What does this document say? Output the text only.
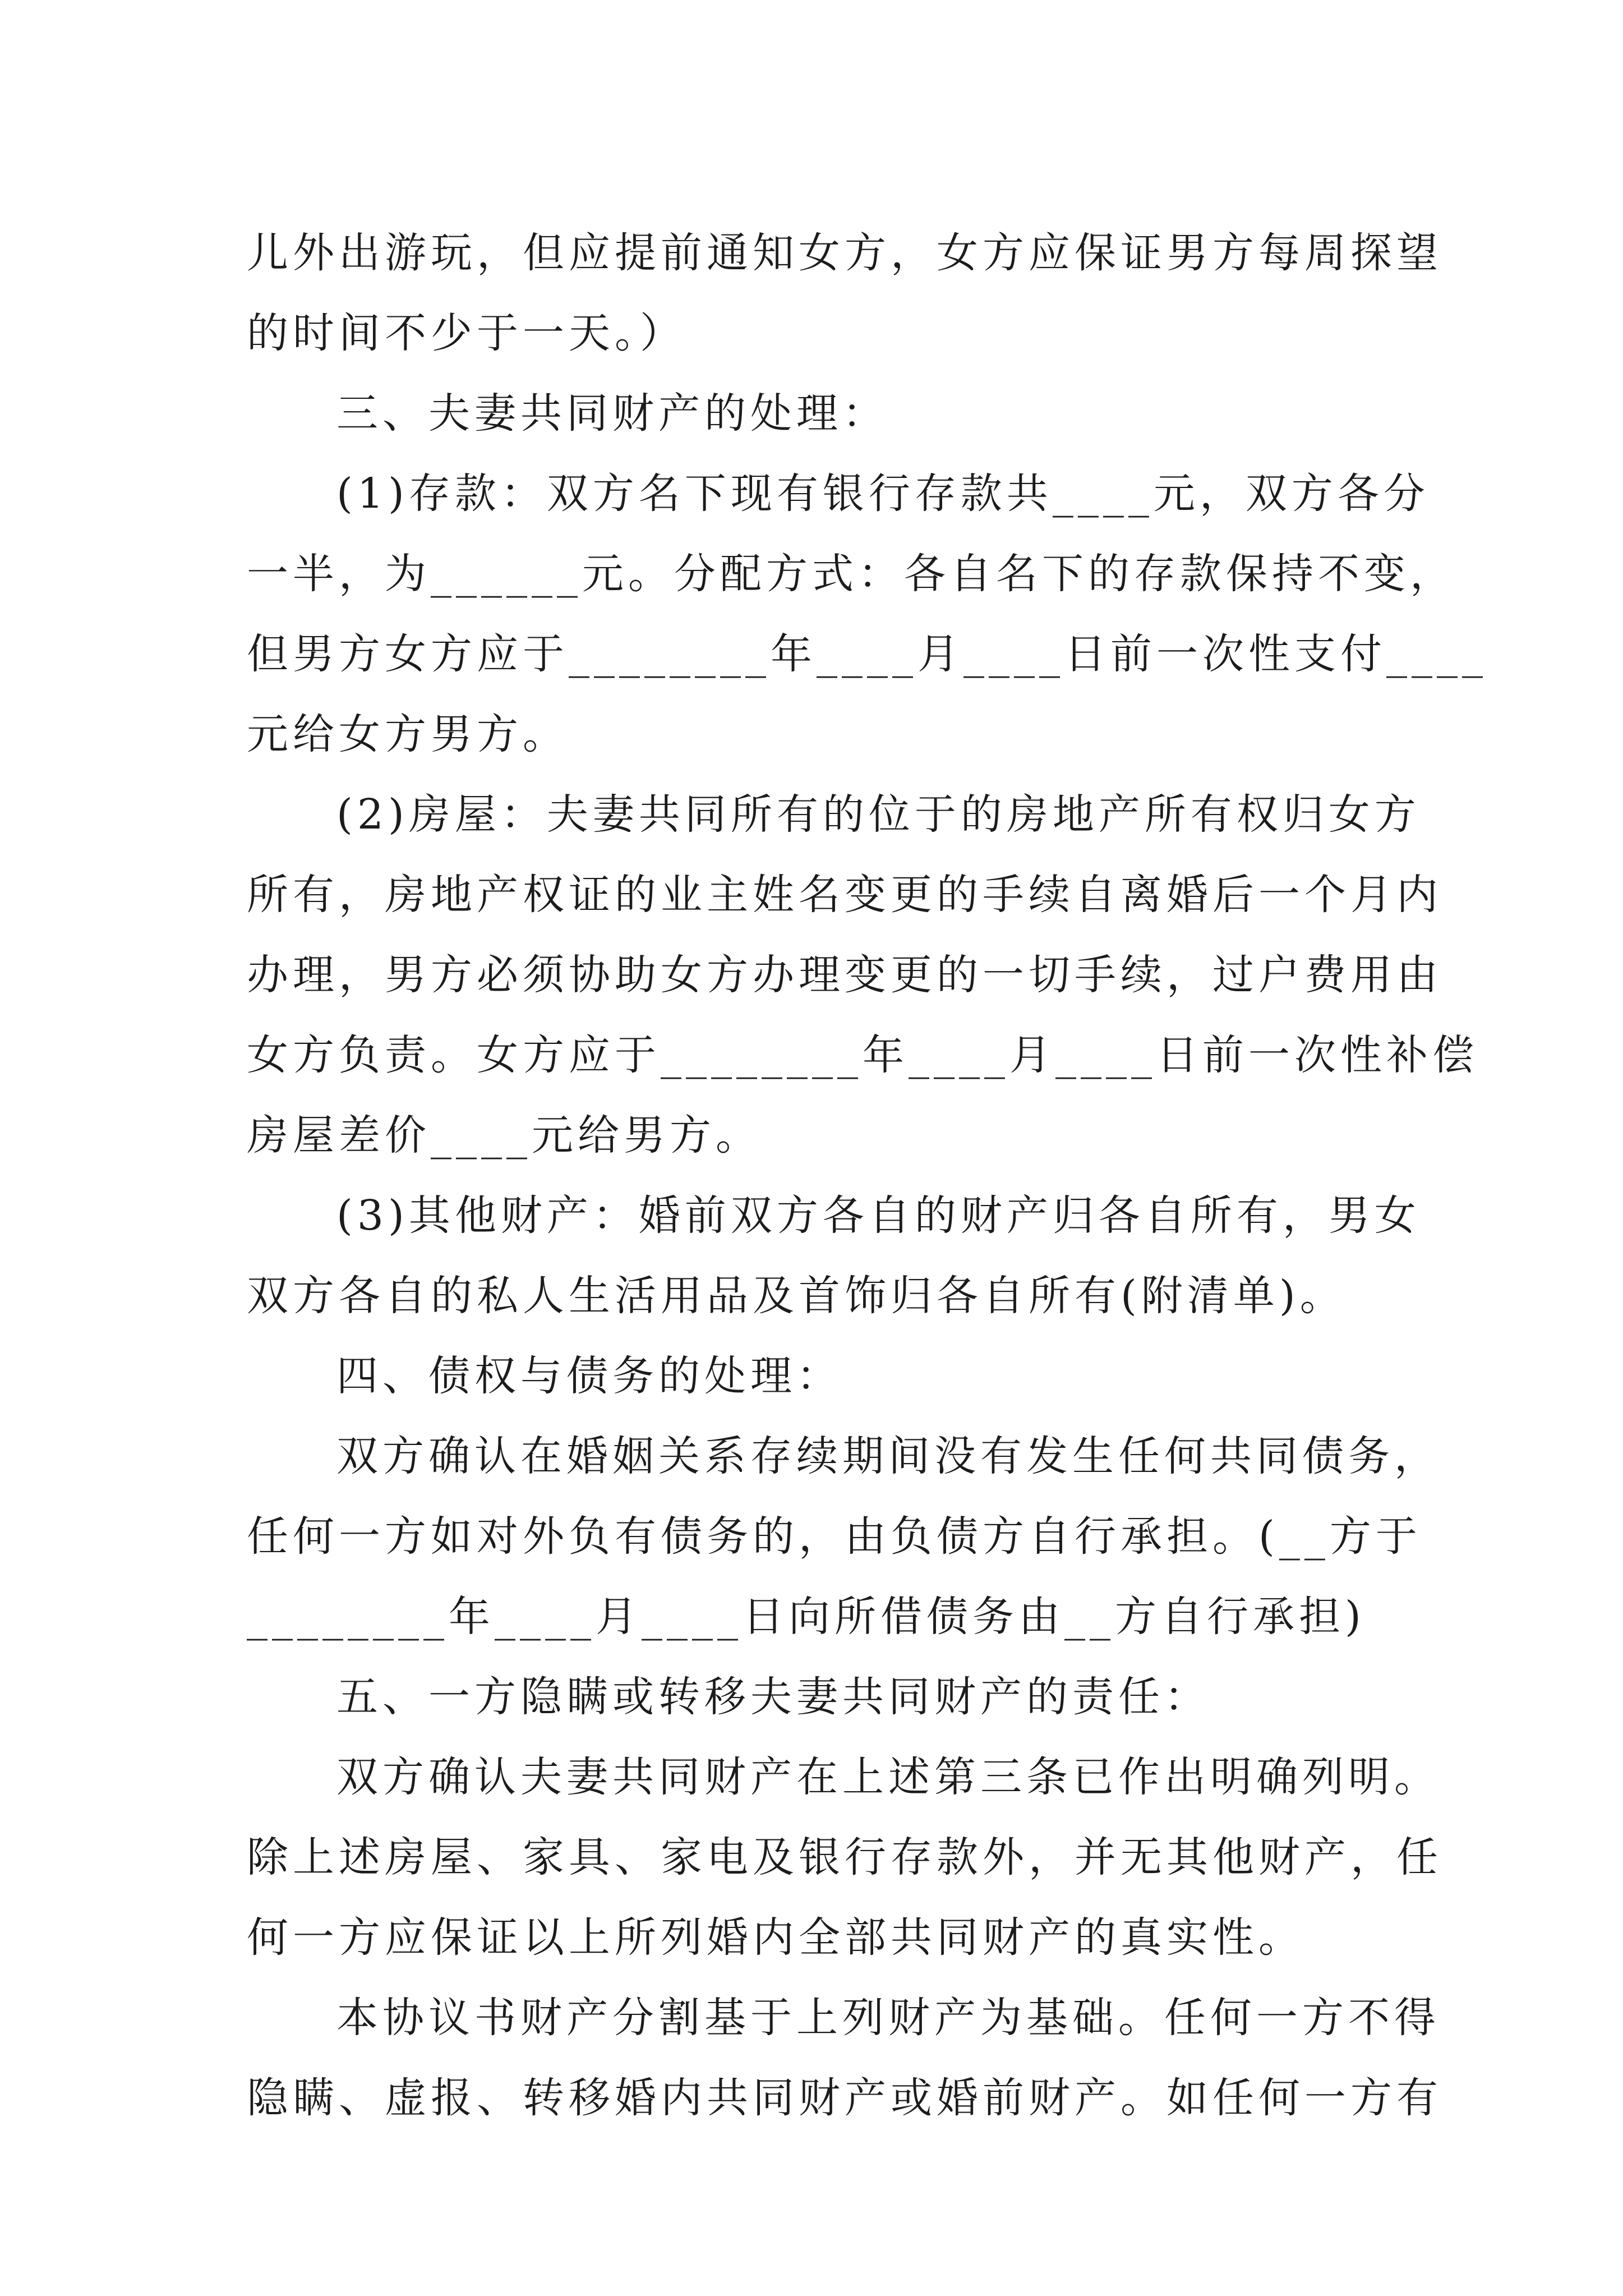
儿外出游玩，但应提前通知女方，女方应保证男方每周探望
的时间不少于一天。）
三、夫妻共同财产的处理：
(1)存款：双方名下现有银行存款共____元，双方各分
一半，为______元。分配方式：各自名下的存款保持不变，
但男方女方应于________年____月____日前一次性支付____
元给女方男方。
(2)房屋：夫妻共同所有的位于的房地产所有权归女方
所有，房地产权证的业主姓名变更的手续自离婚后一个月内
办理，男方必须协助女方办理变更的一切手续，过户费用由
女方负责。女方应于________年____月____日前一次性补偿
房屋差价____元给男方。
(3)其他财产：婚前双方各自的财产归各自所有，男女
双方各自的私人生活用品及首饰归各自所有(附清单)。
四、债权与债务的处理：
双方确认在婚姻关系存续期间没有发生任何共同债务，
任何一方如对外负有债务的，由负债方自行承担。(__方于
________年____月____日向所借债务由__方自行承担)
五、一方隐瞒或转移夫妻共同财产的责任：
双方确认夫妻共同财产在上述第三条已作出明确列明。
除上述房屋、家具、家电及银行存款外，并无其他财产，任
何一方应保证以上所列婚内全部共同财产的真实性。
本协议书财产分割基于上列财产为基础。任何一方不得
隐瞒、虚报、转移婚内共同财产或婚前财产。如任何一方有
